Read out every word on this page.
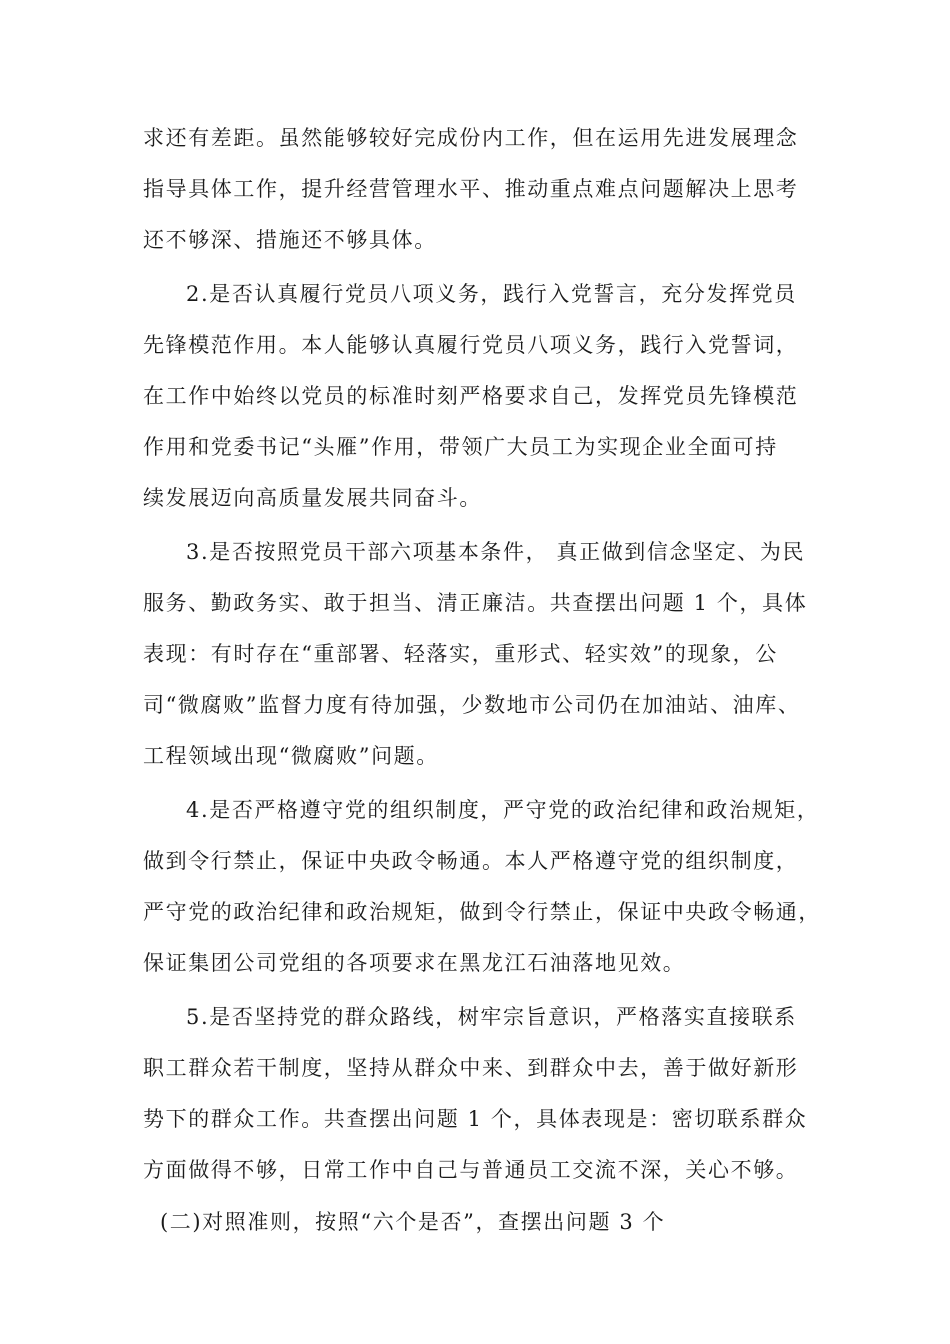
求还有差距。虽然能够较好完成份内工作，但在运用先进发展理念
指导具体工作，提升经营管理水平、推动重点难点问题解决上思考
还不够深、措施还不够具体。
2.是否认真履行党员八项义务，践行入党誓言，充分发挥党员
先锋模范作用。本人能够认真履行党员八项义务，践行入党誓词，
在工作中始终以党员的标准时刻严格要求自己，发挥党员先锋模范
作用和党委书记“头雁”作用，带领广大员工为实现企业全面可持
续发展迈向高质量发展共同奋斗。
3.是否按照党员干部六项基本条件， 真正做到信念坚定、为民
服务、勤政务实、敢于担当、清正廉洁。共查摆出问题 1 个，具体
表现：有时存在“重部署、轻落实，重形式、轻实效”的现象，公
司“微腐败”监督力度有待加强，少数地市公司仍在加油站、油库、
工程领域出现“微腐败”问题。
4.是否严格遵守党的组织制度，严守党的政治纪律和政治规矩，
做到令行禁止，保证中央政令畅通。本人严格遵守党的组织制度，
严守党的政治纪律和政治规矩，做到令行禁止，保证中央政令畅通，
保证集团公司党组的各项要求在黑龙江石油落地见效。
5.是否坚持党的群众路线，树牢宗旨意识，严格落实直接联系
职工群众若干制度，坚持从群众中来、到群众中去，善于做好新形
势下的群众工作。共查摆出问题 1 个，具体表现是：密切联系群众
方面做得不够，日常工作中自己与普通员工交流不深，关心不够。
(二)对照准则，按照“六个是否”，查摆出问题 3 个
